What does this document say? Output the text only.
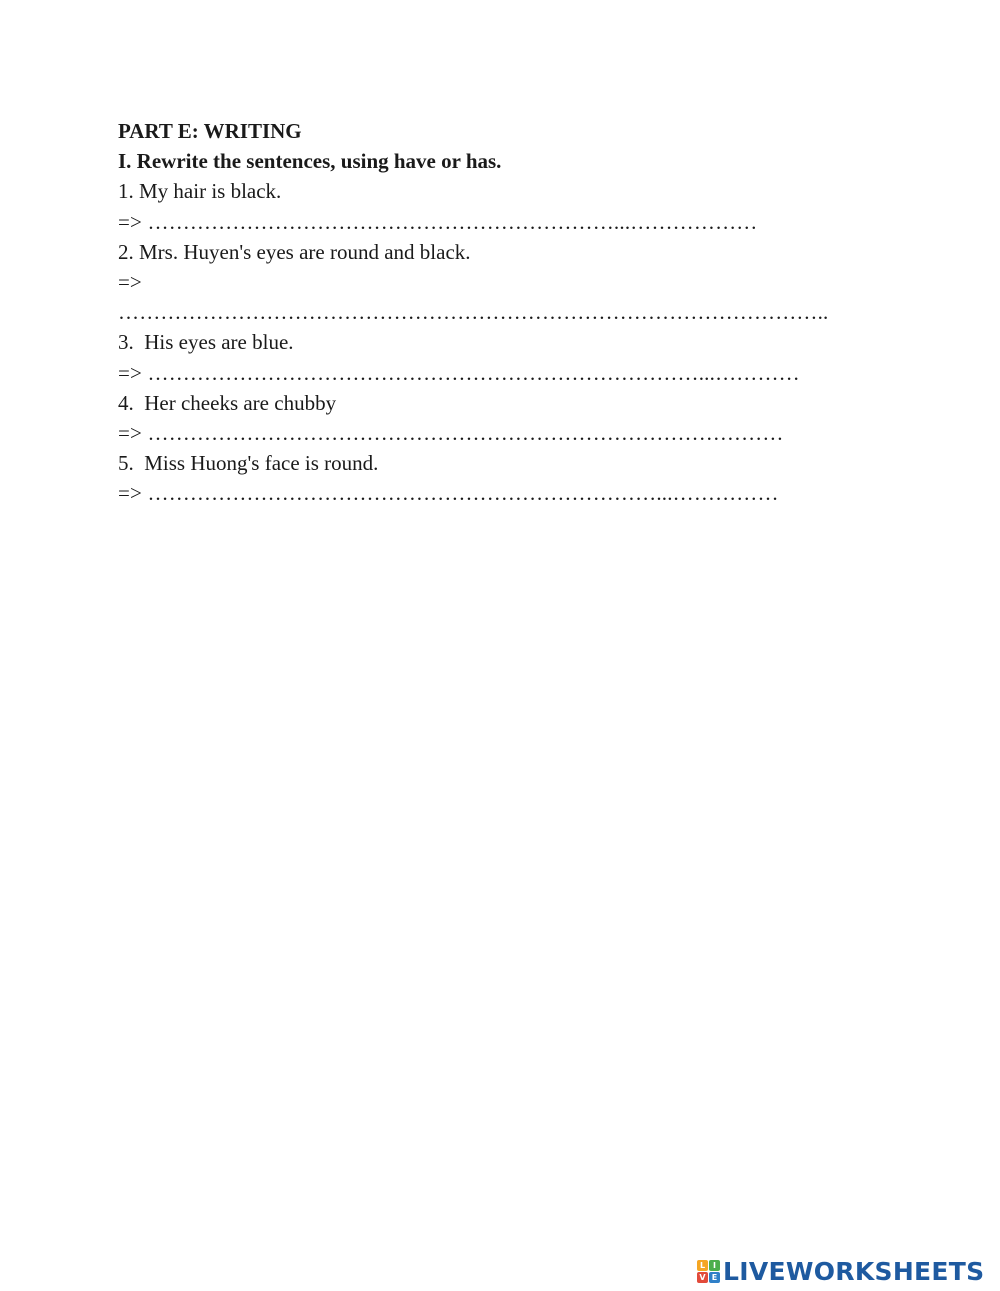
PART E: WRITING
I. Rewrite the sentences, using have or has.
1. My hair is black.
=> …………………………………………………………...………………
2. Mrs. Huyen's eyes are round and black.
=>
………………………………………………………………………………………..
3.  His eyes are blue.
=> ……………………………………………………………………...…………
4.  Her cheeks are chubby
=> ………………………………………………………………………………
5.  Miss Huong's face is round.
=> ………………………………………………………………...……………
L I
V E LIVEWORKSHEETS
